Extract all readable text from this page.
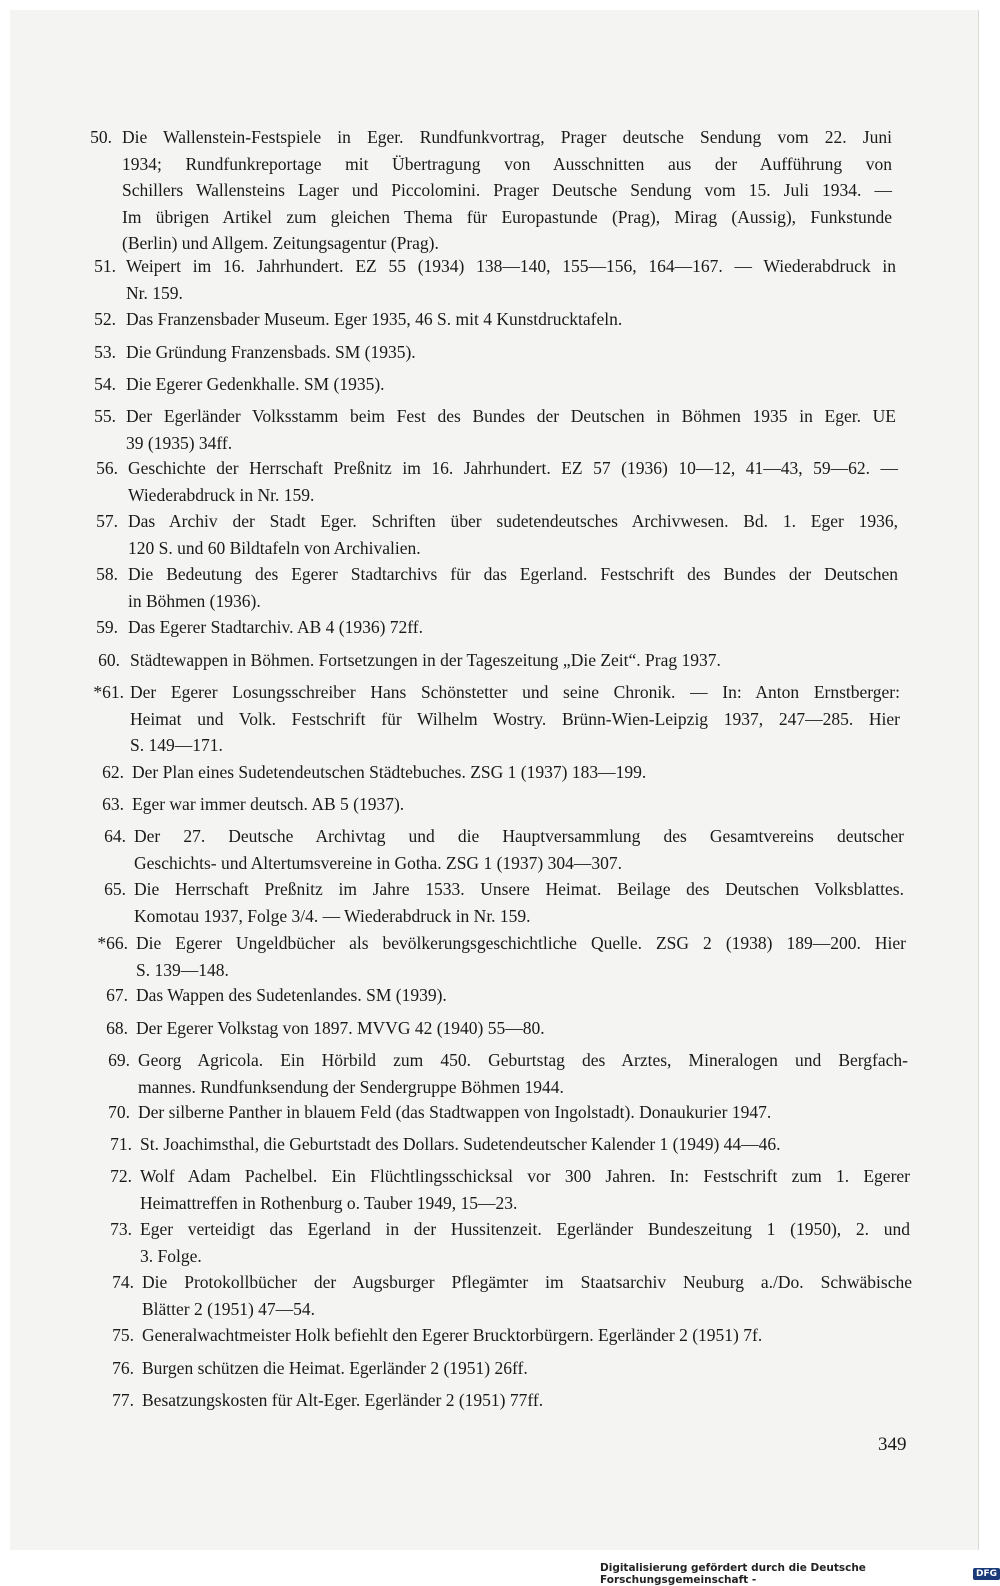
50. Die Wallenstein-Festspiele in Eger. Rundfunkvortrag, Prager deutsche Sendung vom 22. Juni
1934; Rundfunkreportage mit Übertragung von Ausschnitten aus der Aufführung von
Schillers Wallensteins Lager und Piccolomini. Prager Deutsche Sendung vom 15. Juli 1934. —
Im übrigen Artikel zum gleichen Thema für Europastunde (Prag), Mirag (Aussig), Funkstunde
(Berlin) und Allgem. Zeitungsagentur (Prag).
51. Weipert im 16. Jahrhundert. EZ 55 (1934) 138—140, 155—156, 164—167. — Wiederabdruck in
Nr. 159.
52. Das Franzensbader Museum. Eger 1935, 46 S. mit 4 Kunstdrucktafeln.
53. Die Gründung Franzensbads. SM (1935).
54. Die Egerer Gedenkhalle. SM (1935).
55. Der Egerländer Volksstamm beim Fest des Bundes der Deutschen in Böhmen 1935 in Eger. UE
39 (1935) 34ff.
56. Geschichte der Herrschaft Preßnitz im 16. Jahrhundert. EZ 57 (1936) 10—12, 41—43, 59—62. —
Wiederabdruck in Nr. 159.
57. Das Archiv der Stadt Eger. Schriften über sudetendeutsches Archivwesen. Bd. 1. Eger 1936,
120 S. und 60 Bildtafeln von Archivalien.
58. Die Bedeutung des Egerer Stadtarchivs für das Egerland. Festschrift des Bundes der Deutschen
in Böhmen (1936).
59. Das Egerer Stadtarchiv. AB 4 (1936) 72ff.
60. Städtewappen in Böhmen. Fortsetzungen in der Tageszeitung „Die Zeit“. Prag 1937.
*61. Der Egerer Losungsschreiber Hans Schönstetter und seine Chronik. — In: Anton Ernstberger:
Heimat und Volk. Festschrift für Wilhelm Wostry. Brünn-Wien-Leipzig 1937, 247—285. Hier
S. 149—171.
62. Der Plan eines Sudetendeutschen Städtebuches. ZSG 1 (1937) 183—199.
63. Eger war immer deutsch. AB 5 (1937).
64. Der 27. Deutsche Archivtag und die Hauptversammlung des Gesamtvereins deutscher
Geschichts- und Altertumsvereine in Gotha. ZSG 1 (1937) 304—307.
65. Die Herrschaft Preßnitz im Jahre 1533. Unsere Heimat. Beilage des Deutschen Volksblattes.
Komotau 1937, Folge 3/4. — Wiederabdruck in Nr. 159.
*66. Die Egerer Ungeldbücher als bevölkerungsgeschichtliche Quelle. ZSG 2 (1938) 189—200. Hier
S. 139—148.
67. Das Wappen des Sudetenlandes. SM (1939).
68. Der Egerer Volkstag von 1897. MVVG 42 (1940) 55—80.
69. Georg Agricola. Ein Hörbild zum 450. Geburtstag des Arztes, Mineralogen und Bergfach-
mannes. Rundfunksendung der Sendergruppe Böhmen 1944.
70. Der silberne Panther in blauem Feld (das Stadtwappen von Ingolstadt). Donaukurier 1947.
71. St. Joachimsthal, die Geburtstadt des Dollars. Sudetendeutscher Kalender 1 (1949) 44—46.
72. Wolf Adam Pachelbel. Ein Flüchtlingsschicksal vor 300 Jahren. In: Festschrift zum 1. Egerer
Heimattreffen in Rothenburg o. Tauber 1949, 15—23.
73. Eger verteidigt das Egerland in der Hussitenzeit. Egerländer Bundeszeitung 1 (1950), 2. und
3. Folge.
74. Die Protokollbücher der Augsburger Pflegämter im Staatsarchiv Neuburg a./Do. Schwäbische
Blätter 2 (1951) 47—54.
75. Generalwachtmeister Holk befiehlt den Egerer Brucktorbürgern. Egerländer 2 (1951) 7f.
76. Burgen schützen die Heimat. Egerländer 2 (1951) 26ff.
77. Besatzungskosten für Alt-Eger. Egerländer 2 (1951) 77ff.
349
Digitalisierung gefördert durch die Deutsche Forschungsgemeinschaft -	DFG
